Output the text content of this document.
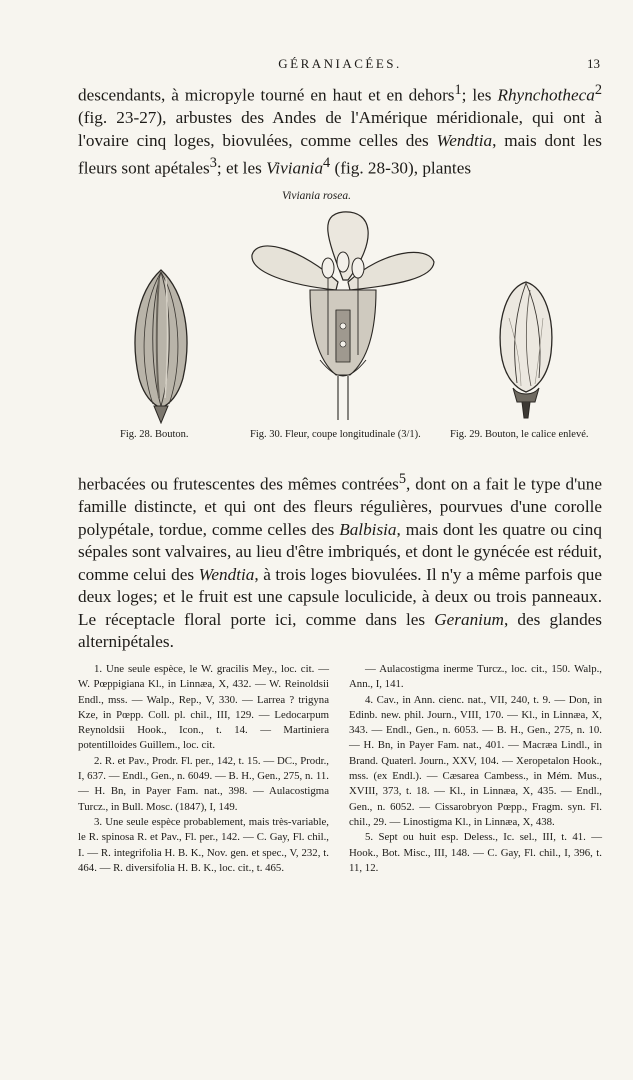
GÉRANIACÉES.	13

descendants, à micropyle tourné en haut et en dehors$^1$; les Rhynchotheca$^2$ (fig. 23-27), arbustes des Andes de l'Amérique méridionale, qui ont à l'ovaire cinq loges, biovulées, comme celles des Wendtia, mais dont les fleurs sont apétales$^3$; et les Viviania$^4$ (fig. 28-30), plantes

Viviania rosea.
Fig. 28. Bouton.	Fig. 30. Fleur, coupe longitudinale (3/1).	Fig. 29. Bouton, le calice enlevé.

herbacées ou frutescentes des mêmes contrées$^5$, dont on a fait le type d'une famille distincte, et qui ont des fleurs régulières, pourvues d'une corolle polypétale, tordue, comme celles des Balbisia, mais dont les quatre ou cinq sépales sont valvaires, au lieu d'être imbriqués, et dont le gynécée est réduit, comme celui des Wendtia, à trois loges biovulées. Il n'y a même parfois que deux loges; et le fruit est une capsule loculicide, à deux ou trois panneaux. Le réceptacle floral porte ici, comme dans les Geranium, des glandes alternipétales.

1. Une seule espèce, le W. gracilis Mey., loc. cit. — W. Pœppigiana Kl., in Linnæa, X, 432. — W. Reinoldsii Endl., mss. — Walp., Rep., V, 330. — Larrea ? trigyna Kze, in Pœpp. Coll. pl. chil., III, 129. — Ledocarpum Reynoldsii Hook., Icon., t. 14. — Martiniera potentilloides Guillem., loc. cit.

2. R. et Pav., Prodr. Fl. per., 142, t. 15. — DC., Prodr., I, 637. — Endl., Gen., n. 6049. — B. H., Gen., 275, n. 11. — H. Bn, in Payer Fam. nat., 398. — Aulacostigma Turcz., in Bull. Mosc. (1847), I, 149.

3. Une seule espèce probablement, mais très-variable, le R. spinosa R. et Pav., Fl. per., 142. — C. Gay, Fl. chil., I. — R. integrifolia H. B. K., Nov. gen. et spec., V, 232, t. 464. — R. diversifolia H. B. K., loc. cit., t. 465.

— Aulacostigma inerme Turcz., loc. cit., 150. Walp., Ann., I, 141.

4. Cav., in Ann. cienc. nat., VII, 240, t. 9. — Don, in Edinb. new. phil. Journ., VIII, 170. — Kl., in Linnæa, X, 343. — Endl., Gen., n. 6053. — B. H., Gen., 275, n. 10. — H. Bn, in Payer Fam. nat., 401. — Macræa Lindl., in Brand. Quaterl. Journ., XXV, 104. — Xeropetalon Hook., mss. (ex Endl.). — Cæsarea Cambess., in Mém. Mus., XVIII, 373, t. 18. — Kl., in Linnæa, X, 435. — Endl., Gen., n. 6052. — Cissarobryon Pœpp., Fragm. syn. Fl. chil., 29. — Linostigma Kl., in Linnæa, X, 438.

5. Sept ou huit esp. Deless., Ic. sel., III, t. 41. — Hook., Bot. Misc., III, 148. — C. Gay, Fl. chil., I, 396, t. 11, 12.
